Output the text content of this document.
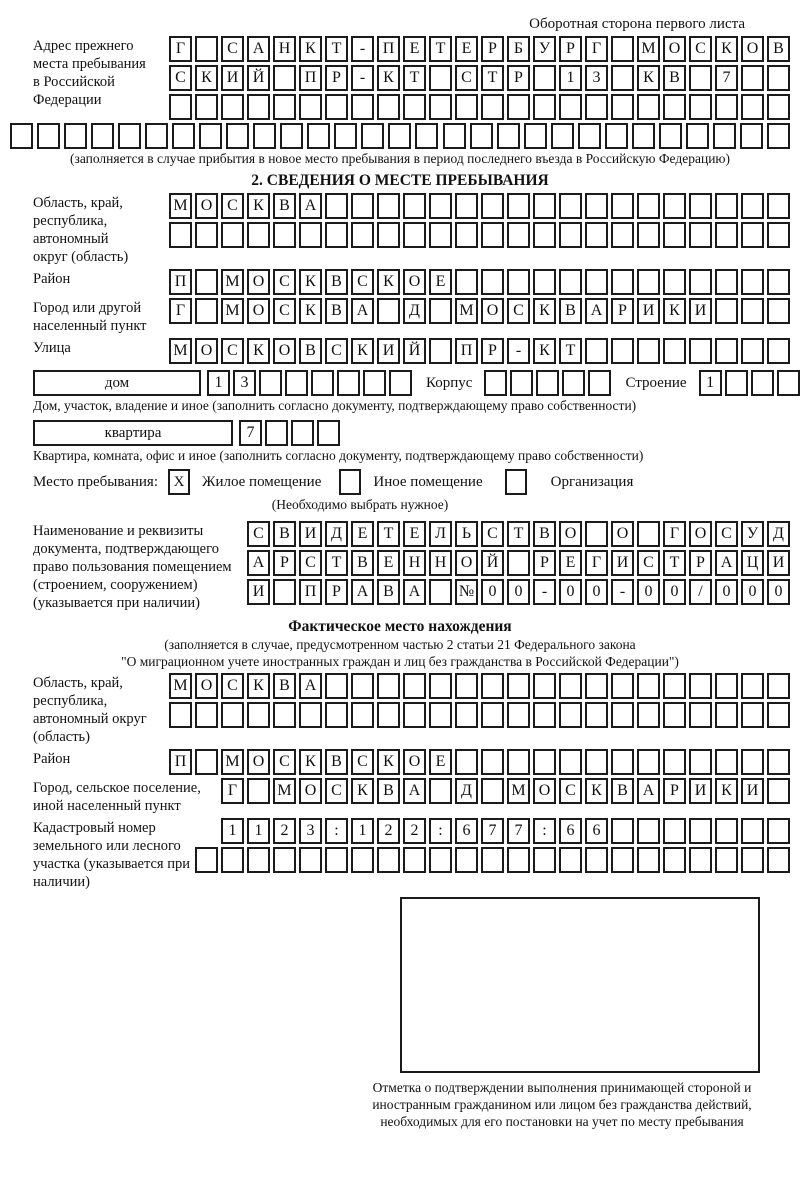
Оборотная сторона первого листа
Адрес прежнего места пребывания в Российской Федерации
Г	С А Н К Т	-	П Е	Т	Е	Р	Б У Р	Г	М О С К О В
С К И Й	П Р	-	К Т	С Т	Р	1	3	К В	7
(заполняется в случае прибытия в новое место пребывания в период последнего въезда в Российскую Федерацию)
2. СВЕДЕНИЯ О МЕСТЕ ПРЕБЫВАНИЯ
Область, край, республика, автономный округ (область)
М О С К В А
Район	П	М О С К В С К О Е
Город или другой населенный пункт
Г	М О С К В А	Д	М О С К В А Р И К И
Улица	М О С К О В С К И Й	П Р	-	К Т
дом	1	3	Корпус	Строение	1
Дом, участок, владение и иное (заполнить согласно документу, подтверждающему право собственности)
квартира	7
Квартира, комната, офис и иное (заполнить согласно документу, подтверждающему право собственности)
Место пребывания:	X	Жилое помещение	Иное помещение	Организация
(Необходимо выбрать нужное)
Наименование и реквизиты документа, подтверждающего право пользования помещением (строением, сооружением) (указывается при наличии)
С В И Д Е	Т	Е Л Ь	С Т В О	О	Г О С У Д
А Р	С Т В Е Н Н О Й	Р	Е	Г И С Т	Р А Ц И
И	П Р А В А	№ 0	0	-	0	0	-	0	0	/	0	0	0
Фактическое место нахождения
(заполняется в случае, предусмотренном частью 2 статьи 21 Федерального закона
"О миграционном учете иностранных граждан и лиц без гражданства в Российской Федерации")
Область, край, республика, автономный округ (область)
М О С К В А
Район	П	М О С К В С К О Е
Город, сельское поселение, иной населенный пункт
Г	М О С К В А	Д	М О С К В А Р И К И
Кадастровый номер земельного или лесного участка (указывается при наличии)
1	1	2	3	:	1	2	2	:	6	7	7	:	6	6
Отметка о подтверждении выполнения принимающей стороной и иностранным гражданином или лицом без гражданства действий, необходимых для его постановки на учет по месту пребывания
